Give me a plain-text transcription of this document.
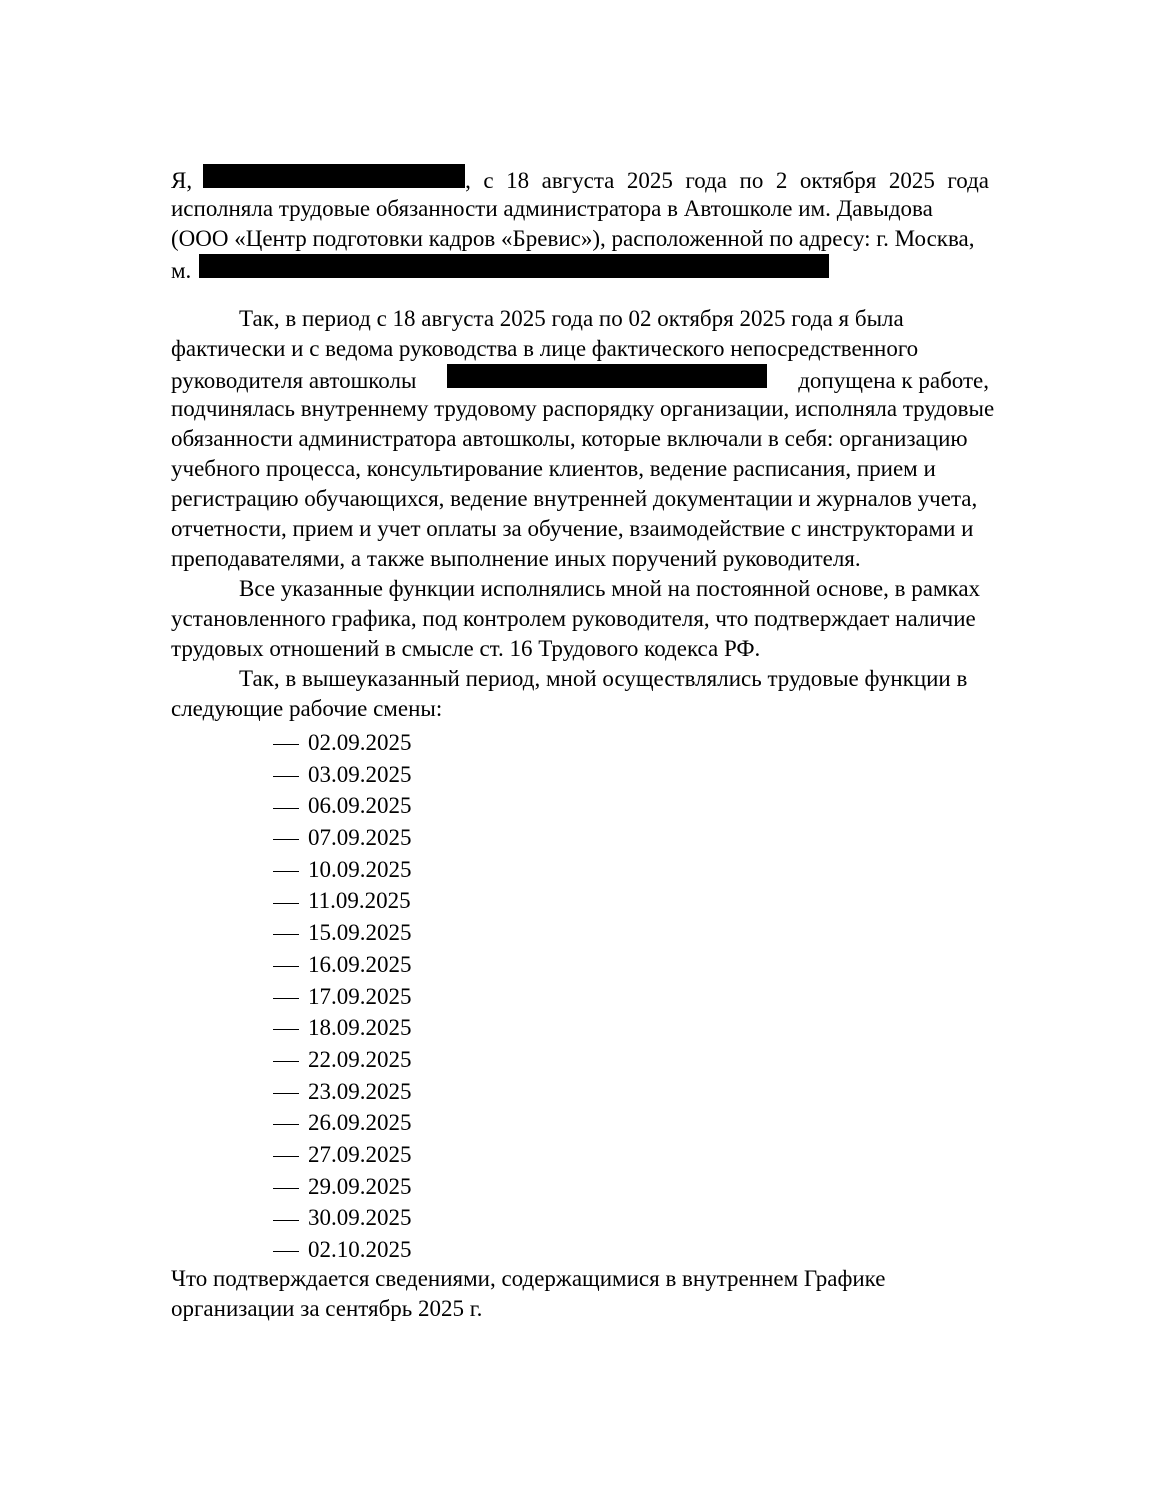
Я,	, с 18 августа 2025 года по 2 октября 2025 года
исполняла трудовые обязанности администратора в Автошколе им. Давыдова
(ООО «Центр подготовки кадров «Бревис»), расположенной по адресу: г. Москва,
м.
Так, в период с 18 августа 2025 года по 02 октября 2025 года я была
фактически и с ведома руководства в лице фактического непосредственного
руководителя автошколы	допущена к работе,
подчинялась внутреннему трудовому распорядку организации, исполняла трудовые
обязанности администратора автошколы, которые включали в себя: организацию
учебного процесса, консультирование клиентов, ведение расписания, прием и
регистрацию обучающихся, ведение внутренней документации и журналов учета,
отчетности, прием и учет оплаты за обучение, взаимодействие с инструкторами и
преподавателями, а также выполнение иных поручений руководителя.
Все указанные функции исполнялись мной на постоянной основе, в рамках
установленного графика, под контролем руководителя, что подтверждает наличие
трудовых отношений в смысле ст. 16 Трудового кодекса РФ.
Так, в вышеуказанный период, мной осуществлялись трудовые функции в
следующие рабочие смены:
02.09.2025
03.09.2025
06.09.2025
07.09.2025
10.09.2025
11.09.2025
15.09.2025
16.09.2025
17.09.2025
18.09.2025
22.09.2025
23.09.2025
26.09.2025
27.09.2025
29.09.2025
30.09.2025
02.10.2025
Что подтверждается сведениями, содержащимися в внутреннем Графике
организации за сентябрь 2025 г.
